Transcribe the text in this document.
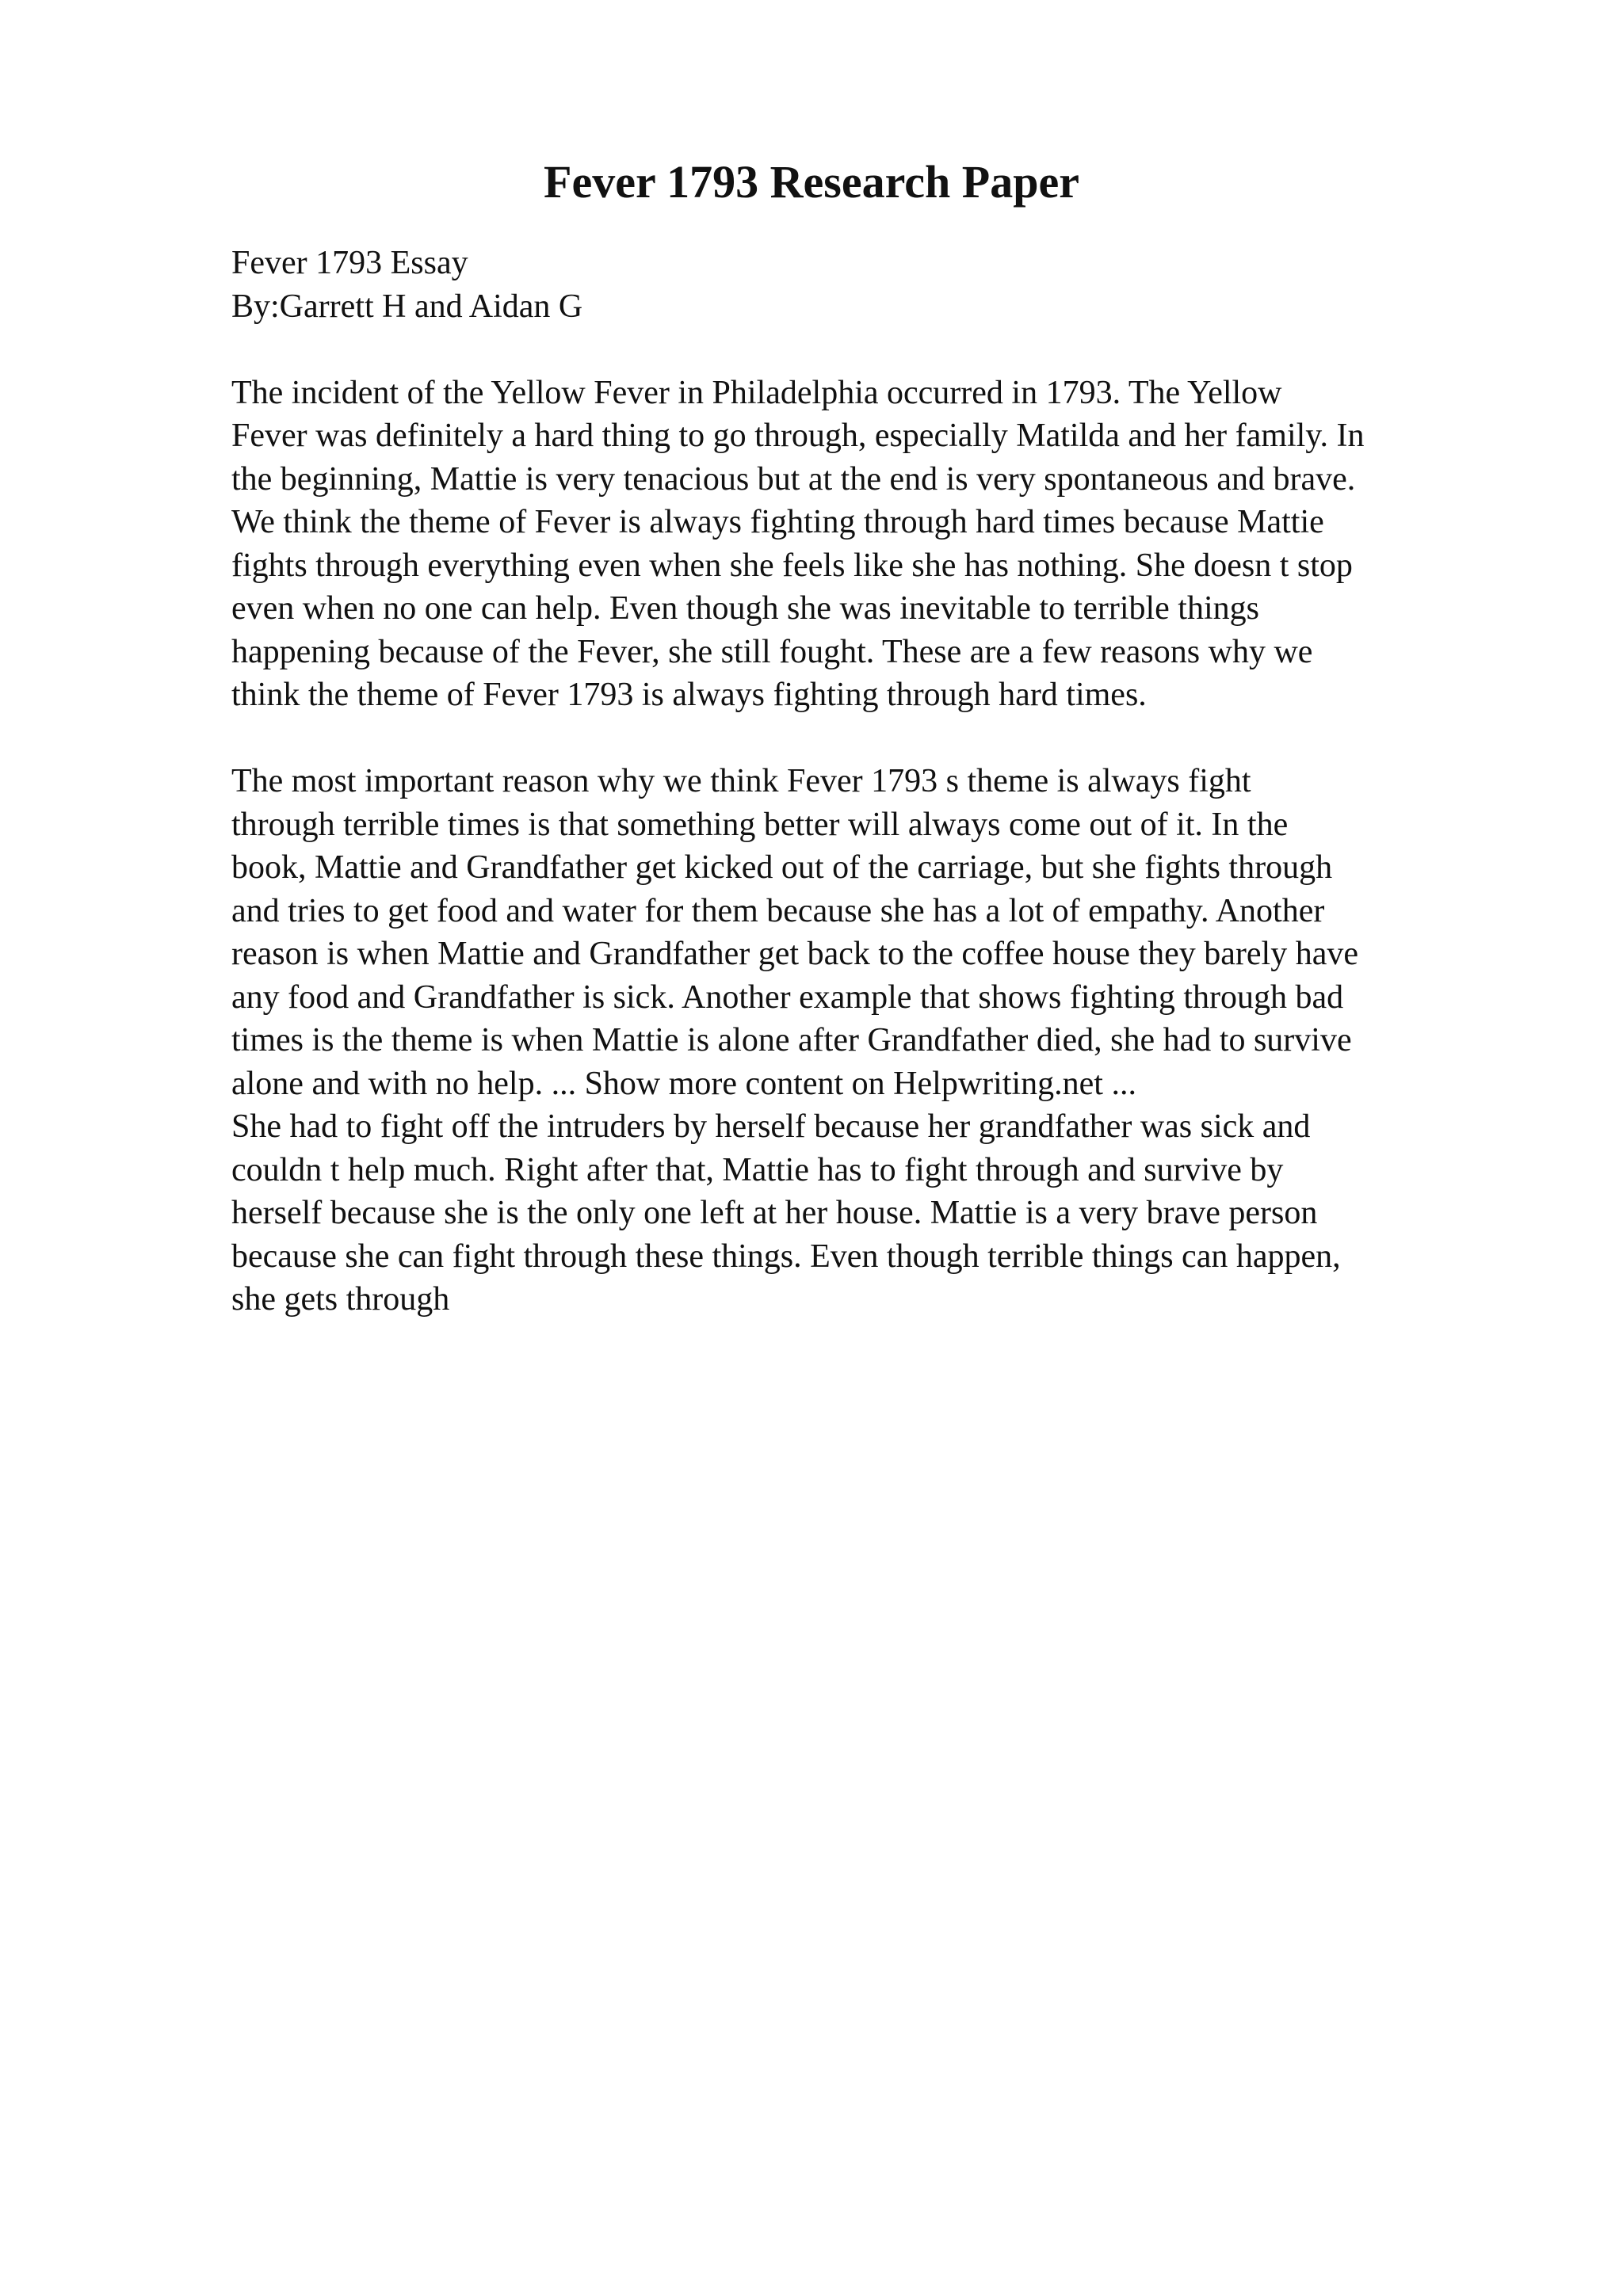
Fever 1793 Research Paper
Fever 1793 Essay
By:Garrett H and Aidan G
The incident of the Yellow Fever in Philadelphia occurred in 1793. The Yellow
Fever was definitely a hard thing to go through, especially Matilda and her family. In
the beginning, Mattie is very tenacious but at the end is very spontaneous and brave.
We think the theme of Fever is always fighting through hard times because Mattie
fights through everything even when she feels like she has nothing. She doesn t stop
even when no one can help. Even though she was inevitable to terrible things
happening because of the Fever, she still fought. These are a few reasons why we
think the theme of Fever 1793 is always fighting through hard times.
The most important reason why we think Fever 1793 s theme is always fight
through terrible times is that something better will always come out of it. In the
book, Mattie and Grandfather get kicked out of the carriage, but she fights through
and tries to get food and water for them because she has a lot of empathy. Another
reason is when Mattie and Grandfather get back to the coffee house they barely have
any food and Grandfather is sick. Another example that shows fighting through bad
times is the theme is when Mattie is alone after Grandfather died, she had to survive
alone and with no help. ... Show more content on Helpwriting.net ...
She had to fight off the intruders by herself because her grandfather was sick and
couldn t help much. Right after that, Mattie has to fight through and survive by
herself because she is the only one left at her house. Mattie is a very brave person
because she can fight through these things. Even though terrible things can happen,
she gets through
